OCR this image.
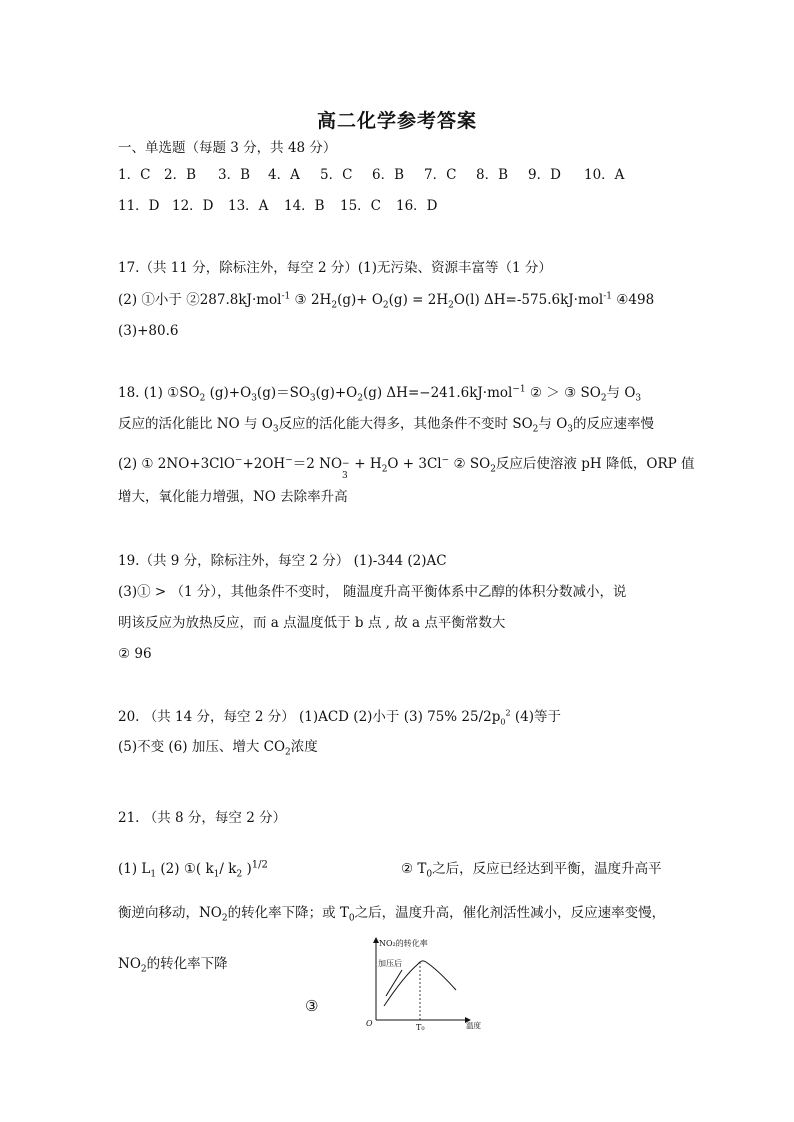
高二化学参考答案
一、单选题（每题 3 分，共 48 分）
1．C 2．B 3．B 4．A 5．C 6．B 7．C 8．B 9．D 10．A
11．D 12．D 13．A 14．B 15．C 16．D
17.（共 11 分，除标注外，每空 2 分）(1)无污染、资源丰富等（1 分）
(2) ①小于 ②287.8kJ·mol$^{-1}$ ③ $2H_2(g)+ O_2(g) = 2H_2O(l)$ ΔH=-575.6kJ·mol$^{-1}$ ④498
(3)+80.6
18. (1) $①SO_2$ $(g)+O_3(g)=SO_3(g)+O_2(g)$ ΔH=−241.6kJ·mol$^{-1}$ ② ＞ ③ $SO_2$与 $O_3$
反应的活化能比 NO 与 $O_3$反应的活化能大得多，其他条件不变时 $SO_2$与 $O_3$的反应速率慢
(2) ① 2NO+3ClO−+2OH−＝2 NO −
3
+ $H_2O + 3Cl^-$ ② $SO_2$反应后使溶液 pH 降低，ORP 值
增大，氧化能力增强，NO 去除率升高
19.（共 9 分，除标注外，每空 2 分） (1)-344 (2)AC
(3)① > （1 分），其他条件不变时， 随温度升高平衡体系中乙醇的体积分数减小，说
明该反应为放热反应，而 a 点温度低于 b 点 , 故 a 点平衡常数大
② 96
20. （共 14 分，每空 2 分） (1)ACD (2)小于 (3) 75% $25/2p_0^2$ (4)等于
(5)不变 (6) 加压、增大 $CO_2$浓度
21. （共 8 分，每空 2 分）
(1) $L_1$ (2) ①( $k_1/$ $k_2$ )$^{1/2}$	② $T_0$之后，反应已经达到平衡，温度升高平
衡逆向移动，$NO_2$的转化率下降；或 $T_0$之后，温度升高，催化剂活性减小，反应速率变慢，
$NO_2$的转化率下降
③
NO₂的转化率
加压后
O	T₀	温度
